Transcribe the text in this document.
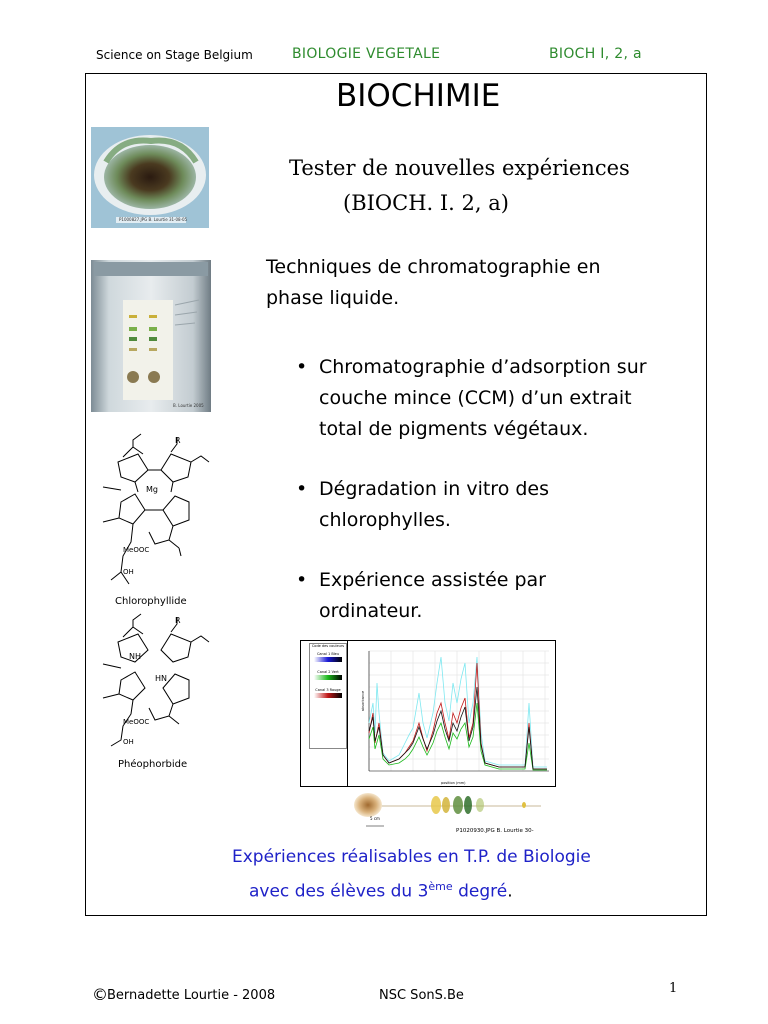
Science on Stage Belgium	BIOLOGIE VEGETALE	BIOCH I, 2, a
BIOCHIMIE
Tester de nouvelles expériences
(BIOCH. I. 2, a)
P1000827.JPG B. Lourtie 31-08-05
B. Lourtie 2005
Techniques de chromatographie en
phase liquide.
• Chromatographie d’adsorption sur
couche mince (CCM) d’un extrait
total de pigments végétaux.
• Dégradation in vitro des
chlorophylles.
• Expérience assistée par
ordinateur.
Mg
R
MeOOC
OH
Chlorophyllide
R
NH
HN
MeOOC
OH
Phéophorbide
Code des couleurs
Canal 1 Bleu
Canal 2 Vert
Canal 3 Rouge
absorbance
position (mm)
5 cm
P1020930.JPG B. Lourtie 30-
Expériences réalisables en T.P. de Biologie
avec des élèves du 3ème degré.
© Bernadette Lourtie - 2008	NSC SonS.Be	1
